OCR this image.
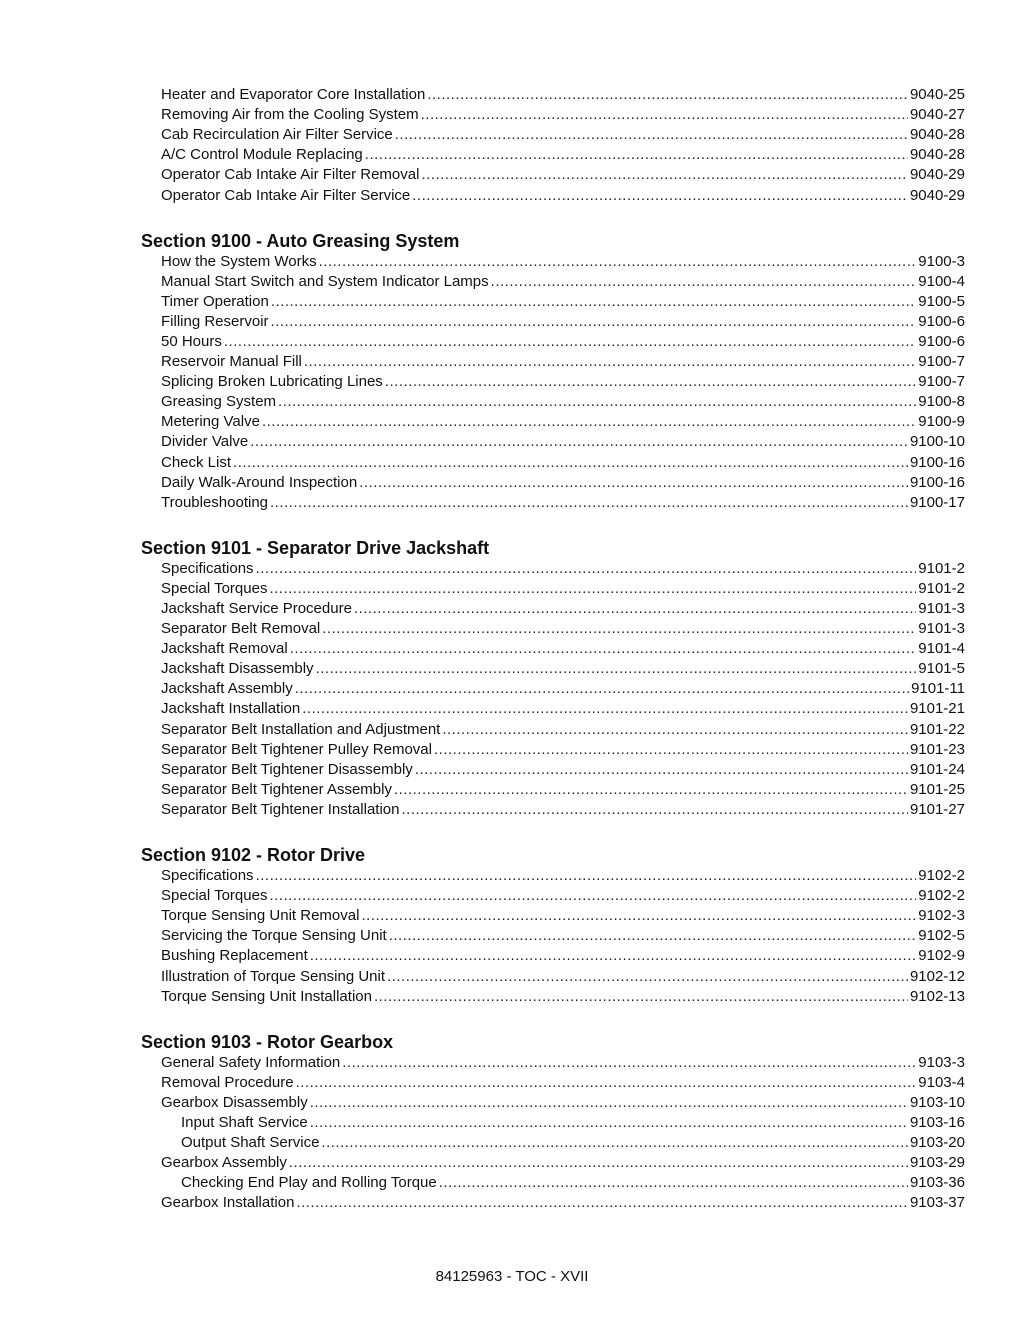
Heater and Evaporator Core Installation .....	9040-25
Removing Air from the Cooling System .....	9040-27
Cab Recirculation Air Filter Service .....	9040-28
A/C Control Module Replacing .....	9040-28
Operator Cab Intake Air Filter Removal .....	9040-29
Operator Cab Intake Air Filter Service .....	9040-29
Section 9100 - Auto Greasing System
How the System Works .....	9100-3
Manual Start Switch and System Indicator Lamps .....	9100-4
Timer Operation .....	9100-5
Filling Reservoir .....	9100-6
50 Hours .....	9100-6
Reservoir Manual Fill .....	9100-7
Splicing Broken Lubricating Lines .....	9100-7
Greasing System .....	9100-8
Metering Valve .....	9100-9
Divider Valve .....	9100-10
Check List .....	9100-16
Daily Walk-Around Inspection .....	9100-16
Troubleshooting .....	9100-17
Section 9101 - Separator Drive Jackshaft
Specifications .....	9101-2
Special Torques .....	9101-2
Jackshaft Service Procedure .....	9101-3
Separator Belt Removal .....	9101-3
Jackshaft Removal .....	9101-4
Jackshaft Disassembly .....	9101-5
Jackshaft Assembly .....	9101-11
Jackshaft Installation .....	9101-21
Separator Belt Installation and Adjustment .....	9101-22
Separator Belt Tightener Pulley Removal .....	9101-23
Separator Belt Tightener Disassembly .....	9101-24
Separator Belt Tightener Assembly .....	9101-25
Separator Belt Tightener Installation .....	9101-27
Section 9102 - Rotor Drive
Specifications .....	9102-2
Special Torques .....	9102-2
Torque Sensing Unit Removal .....	9102-3
Servicing the Torque Sensing Unit .....	9102-5
Bushing Replacement .....	9102-9
Illustration of Torque Sensing Unit .....	9102-12
Torque Sensing Unit Installation .....	9102-13
Section 9103 - Rotor Gearbox
General Safety Information .....	9103-3
Removal Procedure .....	9103-4
Gearbox Disassembly .....	9103-10
Input Shaft Service .....	9103-16
Output Shaft Service .....	9103-20
Gearbox Assembly .....	9103-29
Checking End Play and Rolling Torque .....	9103-36
Gearbox Installation .....	9103-37
84125963 - TOC - XVII
